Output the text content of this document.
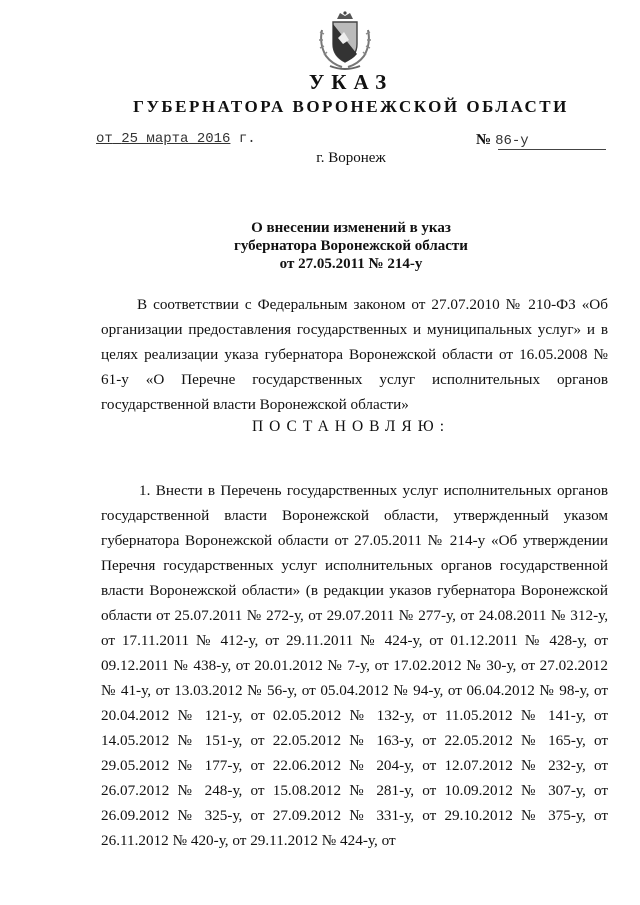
УКАЗ
ГУБЕРНАТОРА ВОРОНЕЖСКОЙ ОБЛАСТИ
от 25 марта 2016 г.	№ 86-у
г. Воронеж
О внесении изменений в указ
губернатора Воронежской области
от 27.05.2011 № 214-у
В соответствии с Федеральным законом от 27.07.2010 № 210-ФЗ «Об организации предоставления государственных и муниципальных услуг» и в целях реализации указа губернатора Воронежской области от 16.05.2008 № 61-у «О Перечне государственных услуг исполнительных органов государственной власти Воронежской области»
ПОСТАНОВЛЯЮ:
1. Внести в Перечень государственных услуг исполнительных органов государственной власти Воронежской области, утвержденный указом губернатора Воронежской области от 27.05.2011 № 214-у «Об утверждении Перечня государственных услуг исполнительных органов государственной власти Воронежской области» (в редакции указов губернатора Воронежской области от 25.07.2011 № 272-у, от 29.07.2011 № 277-у, от 24.08.2011 № 312-у, от 17.11.2011 № 412-у, от 29.11.2011 № 424-у, от 01.12.2011 № 428-у, от 09.12.2011 № 438-у, от 20.01.2012 № 7-у, от 17.02.2012 № 30-у, от 27.02.2012 № 41-у, от 13.03.2012 № 56-у, от 05.04.2012 № 94-у, от 06.04.2012 № 98-у, от 20.04.2012 № 121-у, от 02.05.2012 № 132-у, от 11.05.2012 № 141-у, от 14.05.2012 № 151-у, от 22.05.2012 № 163-у, от 22.05.2012 № 165-у, от 29.05.2012 № 177-у, от 22.06.2012 № 204-у, от 12.07.2012 № 232-у, от 26.07.2012 № 248-у, от 15.08.2012 № 281-у, от 10.09.2012 № 307-у, от 26.09.2012 № 325-у, от 27.09.2012 № 331-у, от 29.10.2012 № 375-у, от 26.11.2012 № 420-у, от 29.11.2012 № 424-у, от
